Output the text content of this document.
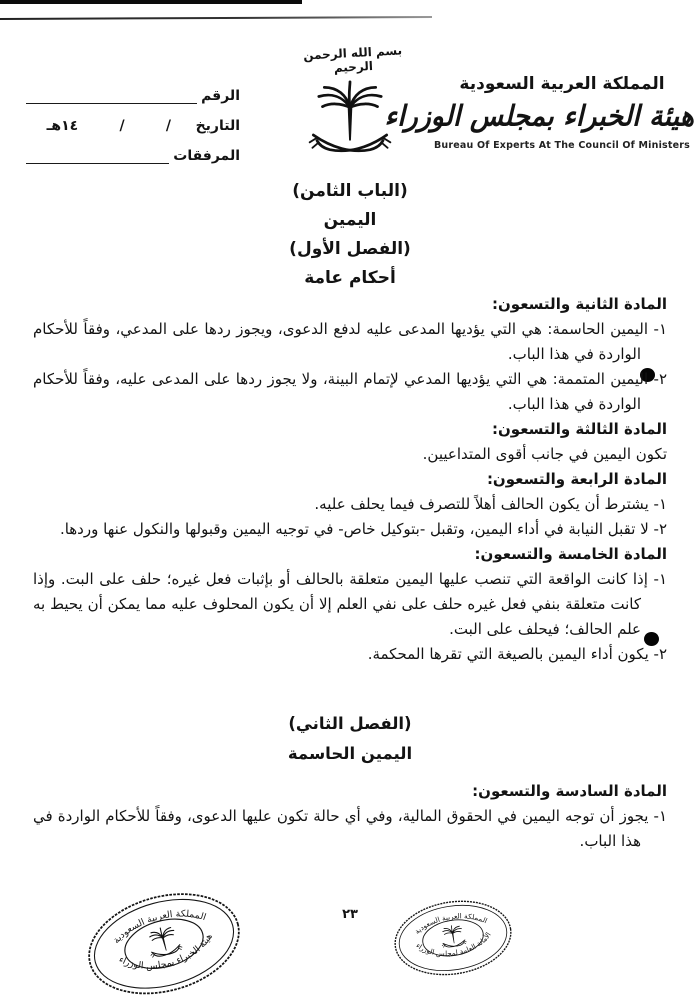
الرقم
التاريخ
/
/
١٤هـ
المرفقات
بسم الله الرحمن الرحيم
المملكة العربية السعودية
هيئة الخبراء بمجلس الوزراء
Bureau Of Experts At The Council Of Ministers
(الباب الثامن)
اليمين
(الفصل الأول)
أحكام عامة

المادة الثانية والتسعون:

١- اليمين الحاسمة: هي التي يؤديها المدعى عليه لدفع الدعوى، ويجوز ردها على المدعي، وفقاً للأحكام الواردة في هذا الباب.

٢- اليمين المتممة: هي التي يؤديها المدعي لإتمام البينة، ولا يجوز ردها على المدعى عليه، وفقاً للأحكام الواردة في هذا الباب.

المادة الثالثة والتسعون:

تكون اليمين في جانب أقوى المتداعيين.

المادة الرابعة والتسعون:

١- يشترط أن يكون الحالف أهلاً للتصرف فيما يحلف عليه.

٢- لا تقبل النيابة في أداء اليمين، وتقبل -بتوكيل خاص- في توجيه اليمين وقبولها والنكول عنها وردها.

المادة الخامسة والتسعون:

١- إذا كانت الواقعة التي تنصب عليها اليمين متعلقة بالحالف أو بإثبات فعل غيره؛ حلف على البت. وإذا كانت متعلقة بنفي فعل غيره حلف على نفي العلم إلا أن يكون المحلوف عليه مما يمكن أن يحيط به علم الحالف؛ فيحلف على البت.

٢- يكون أداء اليمين بالصيغة التي تقرها المحكمة.

(الفصل الثاني)
اليمين الحاسمة

المادة السادسة والتسعون:

١- يجوز أن توجه اليمين في الحقوق المالية، وفي أي حالة تكون عليها الدعوى، وفقاً للأحكام الواردة في هذا الباب.

٢٣
المملكة العربية السعودية
هيئة الخبراء بمجلس الوزراء
المملكة العربية السعودية
الأمانة العامة لمجلس الوزراء
